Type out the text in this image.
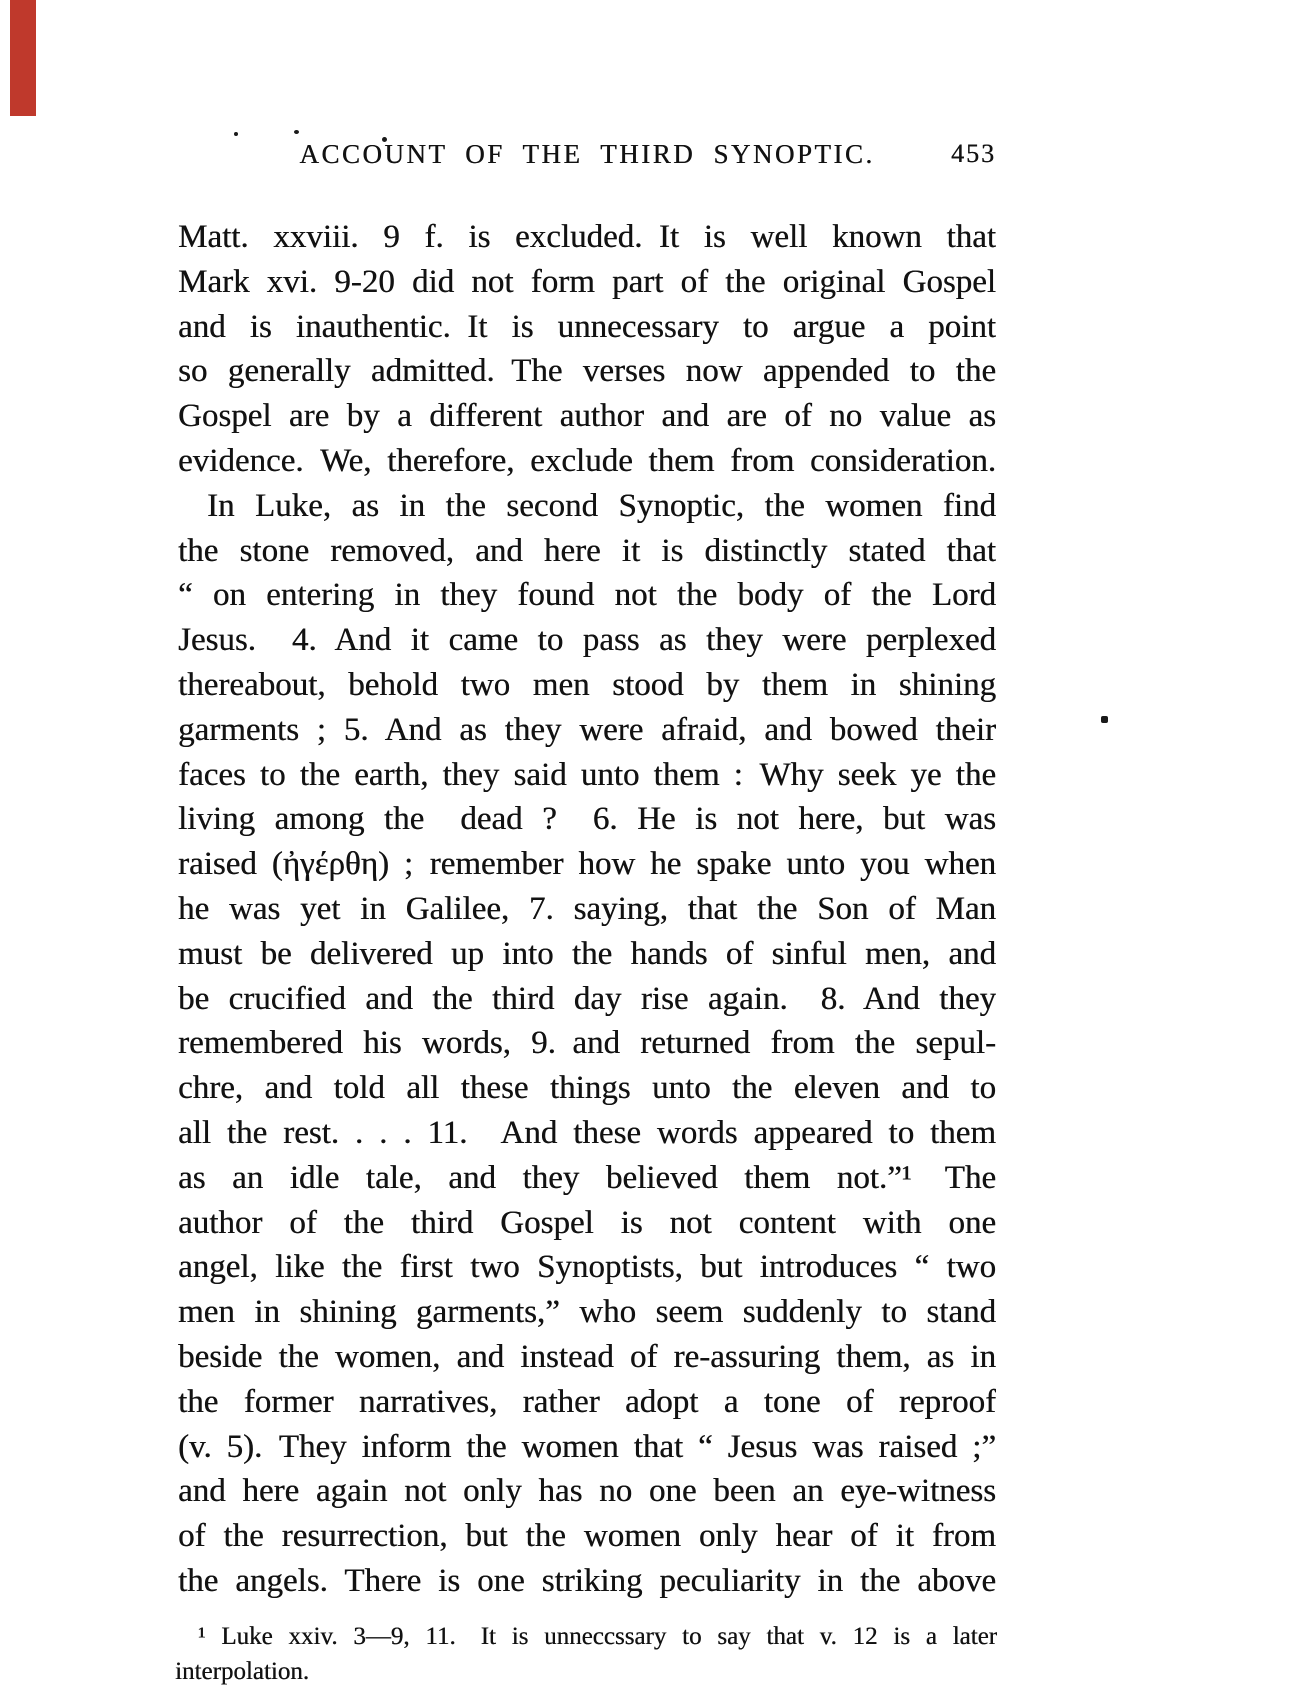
ACCOUNT OF THE THIRD SYNOPTIC.	453
Matt. xxviii. 9 f. is excluded. It is well known that
Mark xvi. 9-20 did not form part of the original Gospel
and is inauthentic. It is unnecessary to argue a point
so generally admitted. The verses now appended to the
Gospel are by a different author and are of no value as
evidence. We, therefore, exclude them from consideration.
In Luke, as in the second Synoptic, the women find
the stone removed, and here it is distinctly stated that
“ on entering in they found not the body of the Lord
Jesus.  4. And it came to pass as they were perplexed
thereabout, behold two men stood by them in shining
garments ; 5. And as they were afraid, and bowed their
faces to the earth, they said unto them : Why seek ye the
living among the  dead ?  6. He is not here, but was
raised (ἠγέρθη) ; remember how he spake unto you when
he was yet in Galilee, 7. saying, that the Son of Man
must be delivered up into the hands of sinful men, and
be crucified and the third day rise again.  8. And they
remembered his words, 9. and returned from the sepul-
chre, and told all these things unto the eleven and to
all the rest. . . . 11.  And these words appeared to them
as an idle tale, and they believed them not.”¹  The
author of the third Gospel is not content with one
angel, like the first two Synoptists, but introduces “ two
men in shining garments,” who seem suddenly to stand
beside the women, and instead of re-assuring them, as in
the former narratives, rather adopt a tone of reproof
(v. 5). They inform the women that “ Jesus was raised ;”
and here again not only has no one been an eye-witness
of the resurrection, but the women only hear of it from
the angels. There is one striking peculiarity in the above
¹ Luke xxiv. 3—9, 11.  It is unneccssary to say that v. 12 is a later
interpolation.
